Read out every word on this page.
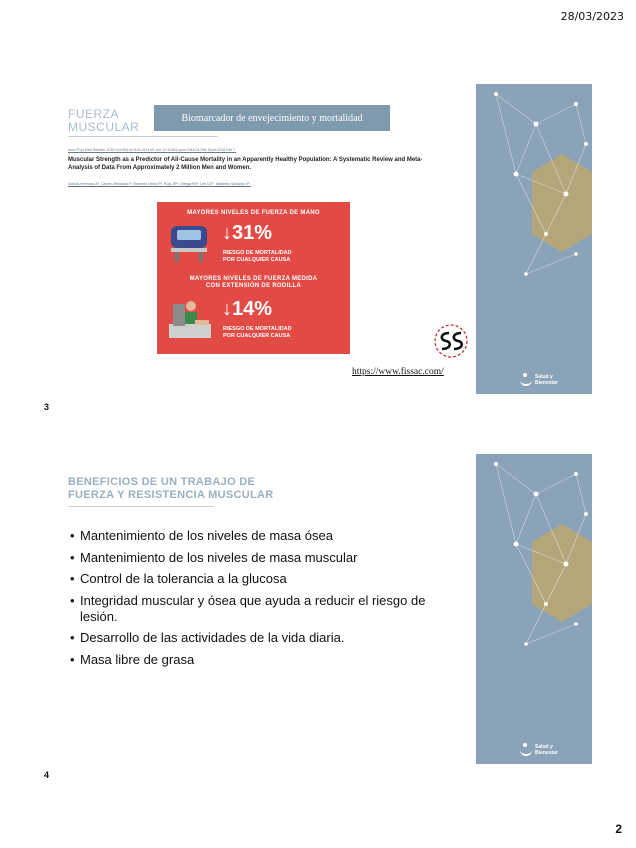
28/03/2023
FUERZA
MUSCULAR
Biomarcador de envejecimiento y mortalidad
Arch Phys Med Rehabil. 2018 Oct;99(10):2100-2113.e5. doi: 10.1016/j.apmr.2018.01.008. Epub 2018 Feb 7.
Muscular Strength as a Predictor of All-Cause Mortality in an Apparently Healthy Population: A Systematic Review and Meta-Analysis of Data From Approximately 2 Million Men and Women.
García-Hermoso A¹, Cavero-Redondo I², Ramírez-Vélez R³, Ruiz JR⁴, Ortega FB⁴, Lee DC⁵, Martínez-Vizcaíno V⁶.
MAYORES NIVELES DE FUERZA DE MANO
↓31%
RIESGO DE MORTALIDAD
POR CUALQUIER CAUSA
MAYORES NIVELES DE FUERZA MEDIDA
CON EXTENSIÓN DE RODILLA
↓14%
RIESGO DE MORTALIDAD
POR CUALQUIER CAUSA
https://www.fissac.com/	Salud y
Bienestar
3
BENEFICIOS DE UN TRABAJO DE
FUERZA Y RESISTENCIA MUSCULAR
• Mantenimiento de los niveles de masa ósea
• Mantenimiento de los niveles de masa muscular
• Control de la tolerancia a la glucosa
• Integridad muscular y ósea que ayuda a reducir el riesgo de lesión.
• Desarrollo de las actividades de la vida diaria.
• Masa libre de grasa
Salud y
Bienestar
4
2
